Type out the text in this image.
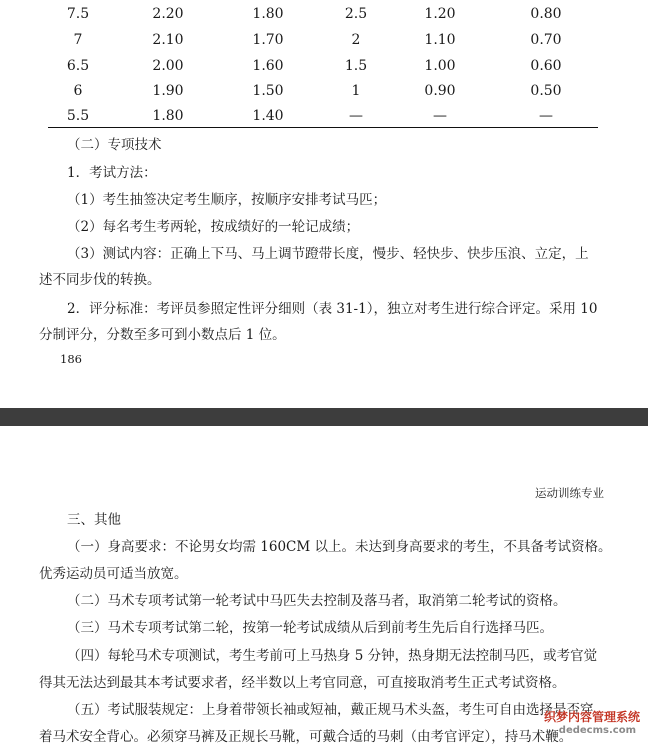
7.5	2.20	1.80	2.5	1.20	0.80
7	2.10	1.70	2	1.10	0.70
6.5	2.00	1.60	1.5	1.00	0.60
6	1.90	1.50	1	0.90	0.50
5.5	1.80	1.40	—	—	—
（二）专项技术
1．考试方法：
（1）考生抽签决定考生顺序，按顺序安排考试马匹；
（2）每名考生考两轮，按成绩好的一轮记成绩；
（3）测试内容：正确上下马、马上调节蹬带长度，慢步、轻快步、快步压浪、立定，上
述不同步伐的转换。
2．评分标准：考评员参照定性评分细则（表 31-1），独立对考生进行综合评定。采用 10
分制评分，分数至多可到小数点后 1 位。
186
运动训练专业
三、其他
（一）身高要求：不论男女均需 160CM 以上。未达到身高要求的考生，不具备考试资格。
优秀运动员可适当放宽。
（二）马术专项考试第一轮考试中马匹失去控制及落马者，取消第二轮考试的资格。
（三）马术专项考试第二轮，按第一轮考试成绩从后到前考生先后自行选择马匹。
（四）每轮马术专项测试，考生考前可上马热身 5 分钟，热身期无法控制马匹，或考官觉
得其无法达到最其本考试要求者，经半数以上考官同意，可直接取消考生正式考试资格。
（五）考试服装规定：上身着带领长袖或短袖，戴正规马术头盔，考生可自由选择是否穿
着马术安全背心。必须穿马裤及正规长马靴，可戴合适的马刺（由考官评定），持马术鞭。
织梦内容管理系统
dedecms.com
